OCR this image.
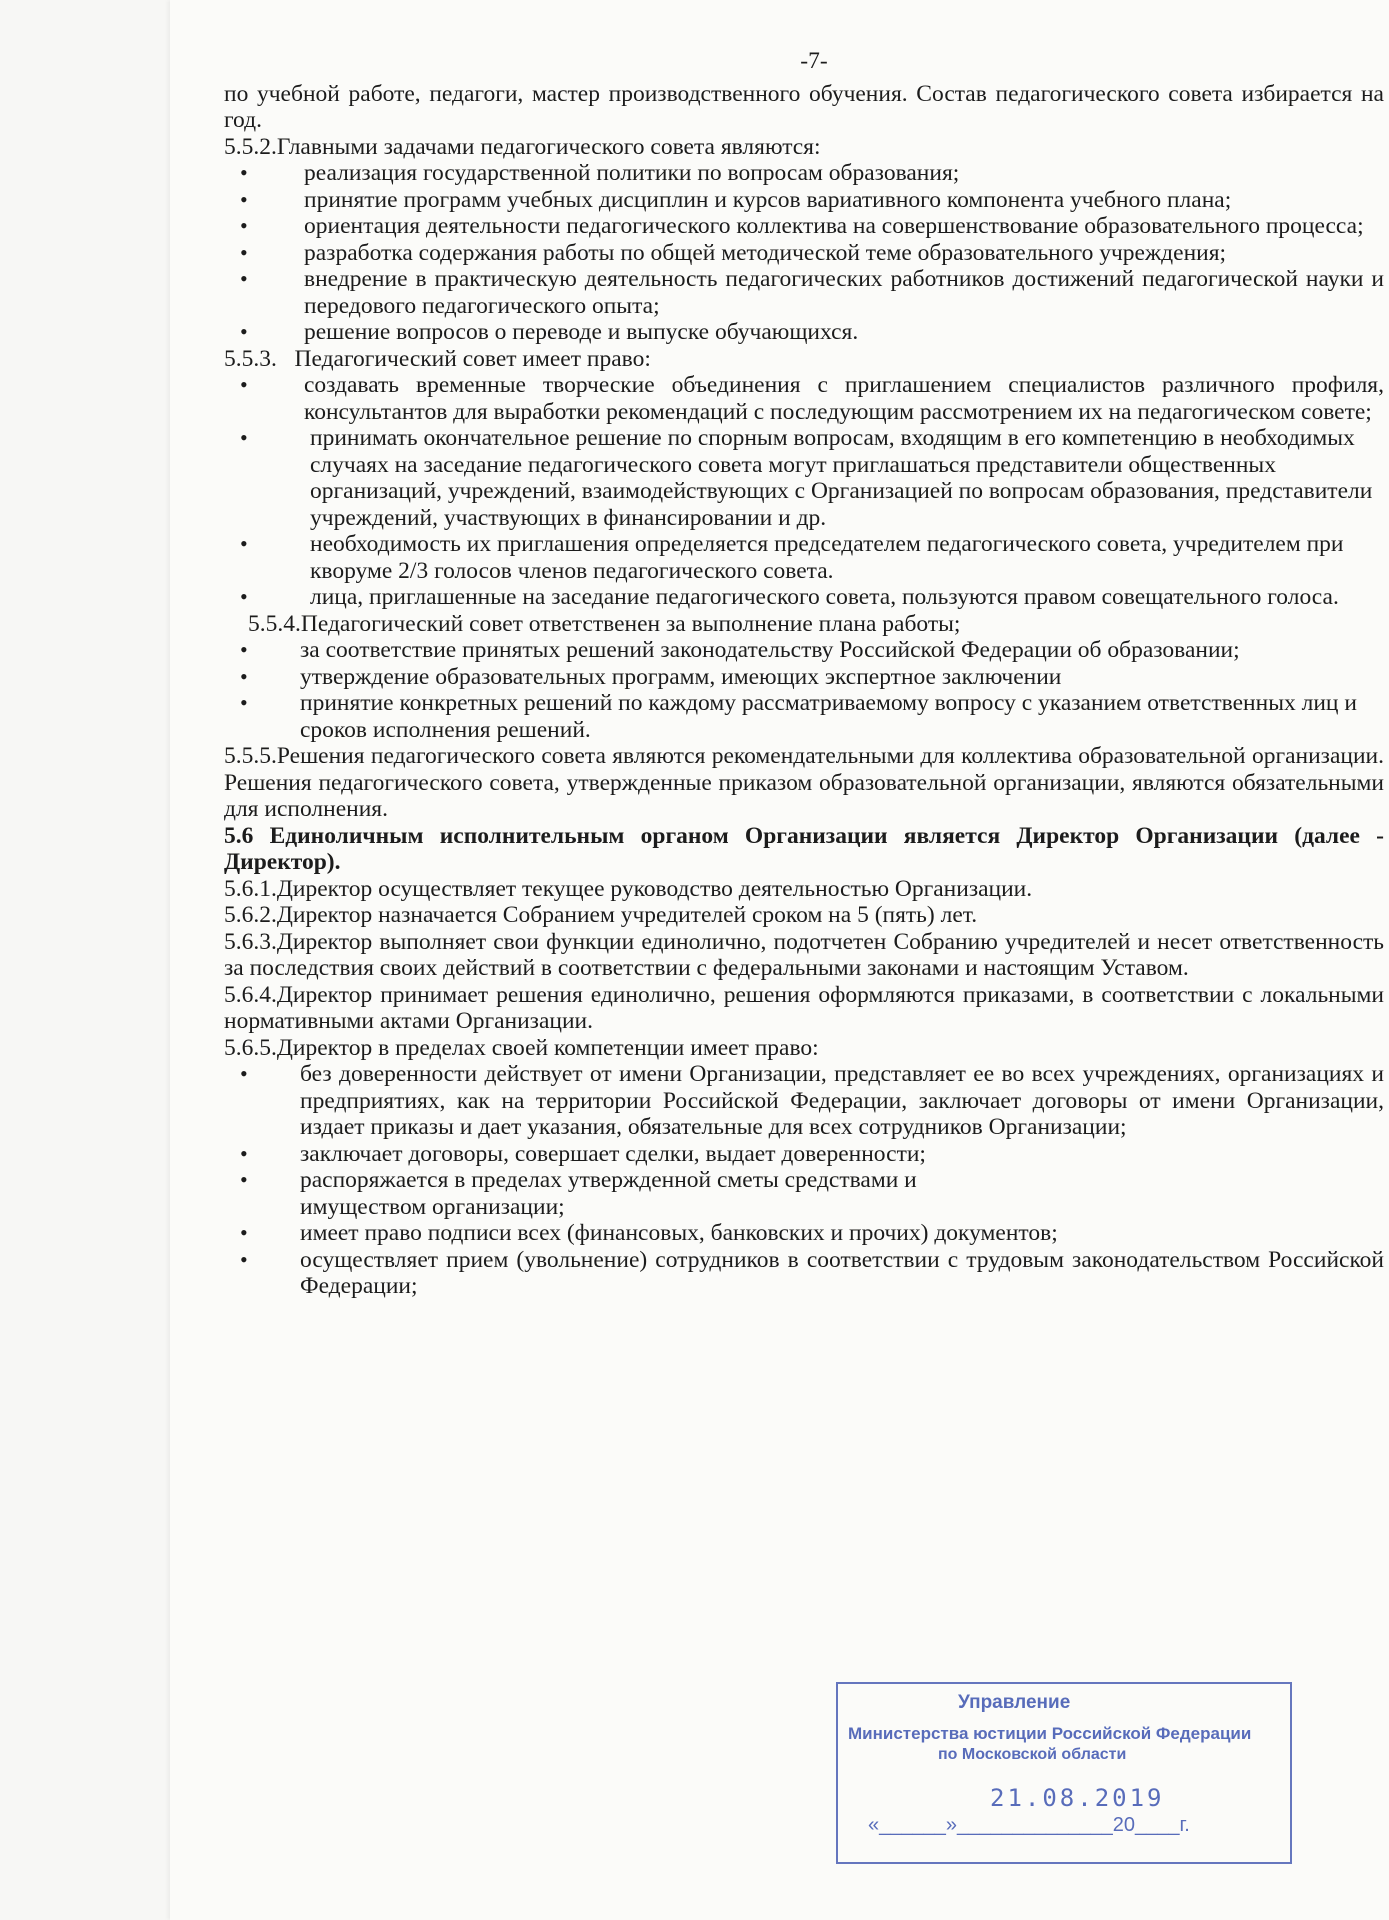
-7-

по учебной работе, педагоги, мастер производственного обучения. Состав педагогического совета избирается на год.

5.5.2.Главными задачами педагогического совета являются:

• реализация государственной политики по вопросам образования;
• принятие программ учебных дисциплин и курсов вариативного компонента учебного плана;
• ориентация деятельности педагогического коллектива на совершенствование образовательного процесса;
• разработка содержания работы по общей методической теме образовательного учреждения;
• внедрение в практическую деятельность педагогических работников достижений педагогической науки и передового педагогического опыта;
• решение вопросов о переводе и выпуске обучающихся.

5.5.3.   Педагогический совет имеет право:

• создавать временные творческие объединения с приглашением специалистов различного профиля, консультантов для выработки рекомендаций с последующим рассмотрением их на педагогическом совете;
• принимать окончательное решение по спорным вопросам, входящим в его компетенцию в необходимых случаях на заседание педагогического совета могут приглашаться представители общественных организаций, учреждений, взаимодействующих с Организацией по вопросам образования, представители учреждений, участвующих в финансировании и др.
• необходимость их приглашения определяется председателем педагогического совета, учредителем при кворуме 2/3 голосов членов педагогического совета.
• лица, приглашенные на заседание педагогического совета, пользуются правом совещательного голоса.

5.5.4.Педагогический совет ответственен за выполнение плана работы;

• за соответствие принятых решений законодательству Российской Федерации об образовании;
• утверждение образовательных программ, имеющих экспертное заключении
• принятие конкретных решений по каждому рассматриваемому вопросу с указанием ответственных лиц и сроков исполнения решений.

5.5.5.Решения педагогического совета являются рекомендательными для коллектива образовательной организации. Решения педагогического совета, утвержденные приказом образовательной организации, являются обязательными для исполнения.

5.6 Единоличным исполнительным органом Организации является Директор Организации (далее - Директор).

5.6.1.Директор осуществляет текущее руководство деятельностью Организации.

5.6.2.Директор назначается Собранием учредителей сроком на 5 (пять) лет.

5.6.3.Директор выполняет свои функции единолично, подотчетен Собранию учредителей и несет ответственность за последствия своих действий в соответствии с федеральными законами и настоящим Уставом.

5.6.4.Директор принимает решения единолично, решения оформляются приказами, в соответствии с локальными нормативными актами Организации.

5.6.5.Директор в пределах своей компетенции имеет право:

• без доверенности действует от имени Организации, представляет ее во всех учреждениях, организациях и предприятиях, как на территории Российской Федерации, заключает договоры от имени Организации, издает приказы и дает указания, обязательные для всех сотрудников Организации;
• заключает договоры, совершает сделки, выдает доверенности;
• распоряжается в пределах утвержденной сметы средствами и имуществом организации;
• имеет право подписи всех (финансовых, банковских и прочих) документов;
• осуществляет прием (увольнение) сотрудников в соответствии с трудовым законодательством Российской Федерации;
Управление
Министерства юстиции Российской Федерации
по Московской области
21.08.2019
«______»______________20____г.
